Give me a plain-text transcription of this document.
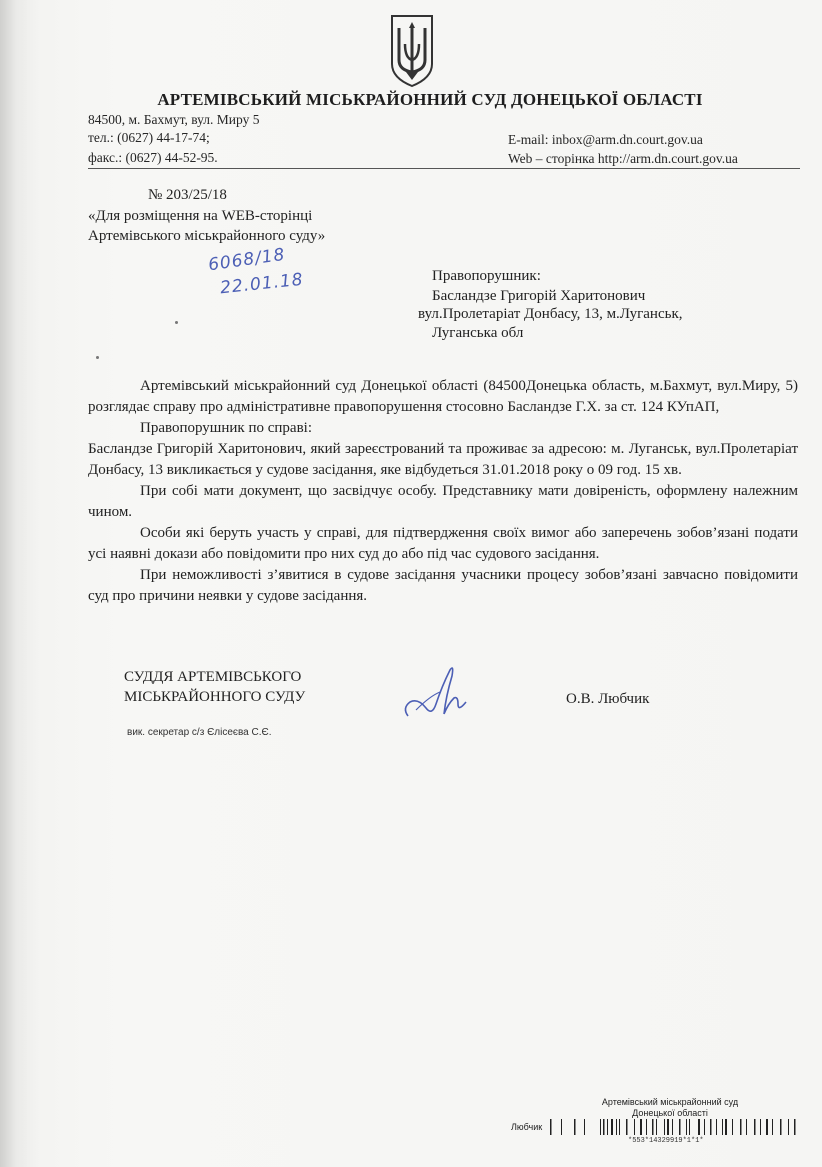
АРТЕМІВСЬКИЙ МІСЬКРАЙОННИЙ СУД ДОНЕЦЬКОЇ ОБЛАСТІ
84500, м. Бахмут, вул. Миру 5
тел.: (0627) 44-17-74;
факс.: (0627) 44-52-95.
E-mail: inbox@arm.dn.court.gov.ua
Web – сторінка http://arm.dn.court.gov.ua
№ 203/25/18
«Для розміщення на WEB-сторінці
Артемівського міськрайонного суду»
6068/18
22.01.18	Правопорушник:
Басландзе Григорій Харитонович
вул.Пролетаріат Донбасу, 13, м.Луганськ,
Луганська обл

Артемівський міськрайонний суд Донецької області (84500Донецька область, м.Бахмут, вул.Миру, 5) розглядає справу про адміністративне правопорушення стосовно Басландзе Г.Х. за ст. 124 КУпАП,

Правопорушник по справі:

Басландзе Григорій Харитонович, який зареєстрований та проживає за адресою: м. Луганськ, вул.Пролетаріат Донбасу, 13 викликається у судове засідання, яке відбудеться 31.01.2018 року о 09 год. 15 хв.

При собі мати документ, що засвідчує особу. Представнику мати довіреність, оформлену належним чином.

Особи які беруть участь у справі, для підтвердження своїх вимог або заперечень зобов’язані подати усі наявні докази або повідомити про них суд до або під час судового засідання.

При неможливості з’явитися в судове засідання учасники процесу зобов’язані завчасно повідомити суд про причини неявки у судове засідання.

СУДДЯ АРТЕМІВСЬКОГО
МІСЬКРАЙОННОГО СУДУ	О.В. Любчик
вик. секретар с/з Єлісеєва С.Є.
Артемівський міськрайонний суд
Донецької області
Любчик
*553*14329919*1*1*
